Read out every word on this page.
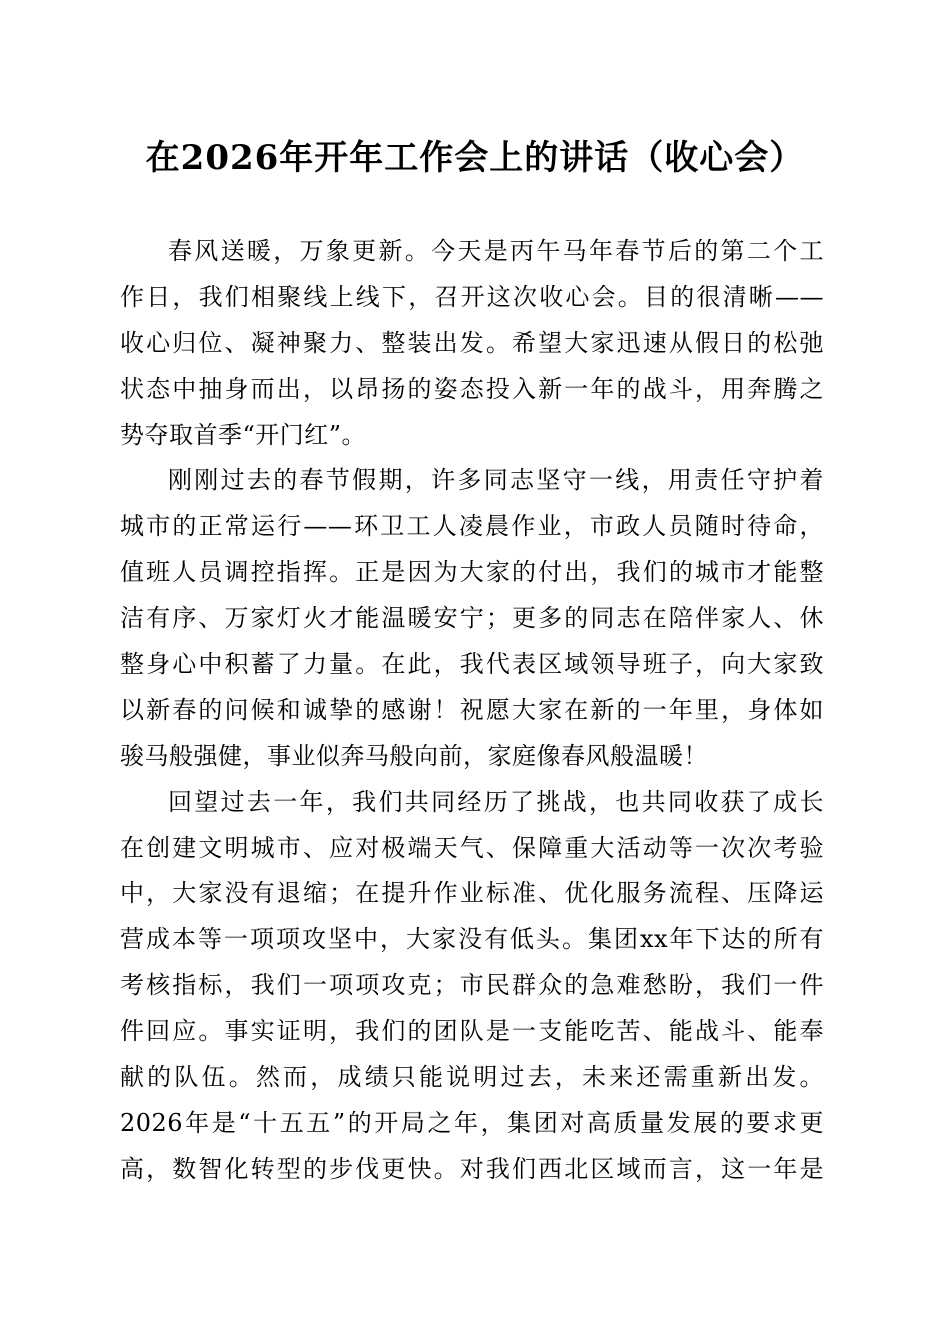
在2026年开年工作会上的讲话（收心会）

春风送暖，万象更新。今天是丙午马年春节后的第二个工
作日，我们相聚线上线下，召开这次收心会。目的很清晰——
收心归位、凝神聚力、整装出发。希望大家迅速从假日的松弛
状态中抽身而出，以昂扬的姿态投入新一年的战斗，用奔腾之
势夺取首季“开门红”。

刚刚过去的春节假期，许多同志坚守一线，用责任守护着
城市的正常运行——环卫工人凌晨作业，市政人员随时待命，
值班人员调控指挥。正是因为大家的付出，我们的城市才能整
洁有序、万家灯火才能温暖安宁；更多的同志在陪伴家人、休
整身心中积蓄了力量。在此，我代表区域领导班子，向大家致
以新春的问候和诚挚的感谢！祝愿大家在新的一年里，身体如
骏马般强健，事业似奔马般向前，家庭像春风般温暖！

回望过去一年，我们共同经历了挑战，也共同收获了成长
在创建文明城市、应对极端天气、保障重大活动等一次次考验
中，大家没有退缩；在提升作业标准、优化服务流程、压降运
营成本等一项项攻坚中，大家没有低头。集团xx年下达的所有
考核指标，我们一项项攻克；市民群众的急难愁盼，我们一件
件回应。事实证明，我们的团队是一支能吃苦、能战斗、能奉
献的队伍。然而，成绩只能说明过去，未来还需重新出发。
2026年是“十五五”的开局之年，集团对高质量发展的要求更
高，数智化转型的步伐更快。对我们西北区域而言，这一年是
